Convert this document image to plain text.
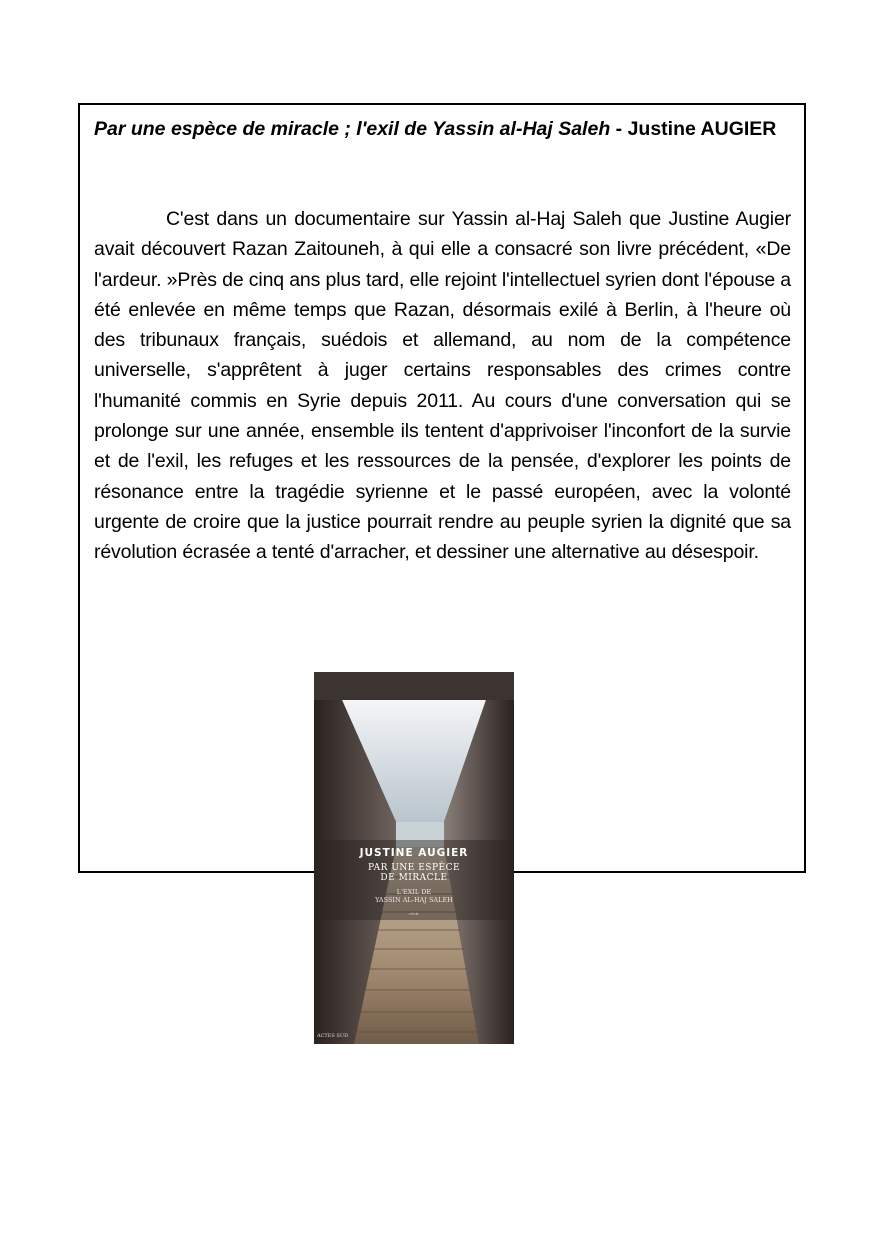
Par une espèce de miracle ; l'exil de Yassin al-Haj Saleh - Justine AUGIER

C'est dans un documentaire sur Yassin al-Haj Saleh que Justine Augier avait découvert Razan Zaitouneh, à qui elle a consacré son livre précédent, «De l'ardeur. »Près de cinq ans plus tard, elle rejoint l'intellectuel syrien dont l'épouse a été enlevée en même temps que Razan, désormais exilé à Berlin, à l'heure où des tribunaux français, suédois et allemand, au nom de la compétence universelle, s'apprêtent à juger certains responsables des crimes contre l'humanité commis en Syrie depuis 2011. Au cours d'une conversation qui se prolonge sur une année, ensemble ils tentent d'apprivoiser l'inconfort de la survie et de l'exil, les refuges et les ressources de la pensée, d'explorer les points de résonance entre la tragédie syrienne et le passé européen, avec la volonté urgente de croire que la justice pourrait rendre au peuple syrien la dignité que sa révolution écrasée a tenté d'arracher, et dessiner une alternative au désespoir.

JUSTINE AUGIER
PAR UNE ESPÈCE
DE MIRACLE
L'EXIL DE
YASSIN AL-HAJ SALEH
récit
ACTES SUD
